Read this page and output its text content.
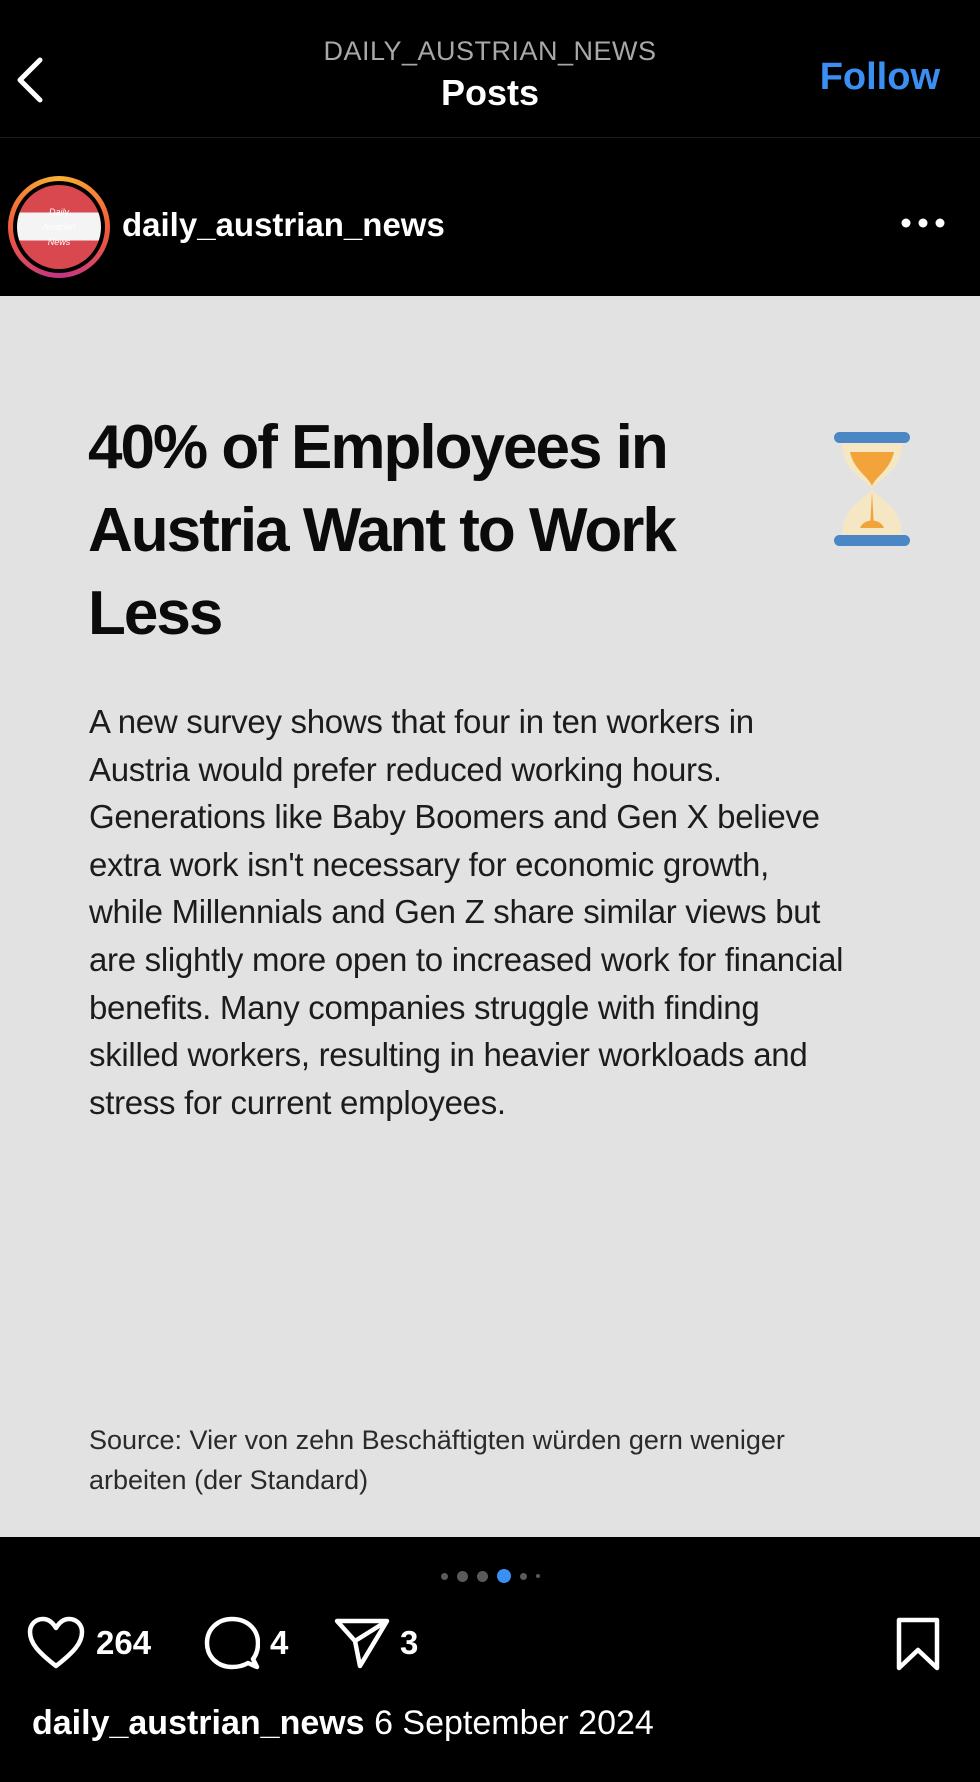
DAILY_AUSTRIAN_NEWS
Posts	Follow
Daily
Austrian
News	daily_austrian_news
40% of Employees in Austria Want to Work Less
A new survey shows that four in ten workers in Austria would prefer reduced working hours. Generations like Baby Boomers and Gen X believe extra work isn't necessary for economic growth, while Millennials and Gen Z share similar views but are slightly more open to increased work for financial benefits. Many companies struggle with finding skilled workers, resulting in heavier workloads and stress for current employees.
Source: Vier von zehn Beschäftigten würden gern weniger arbeiten (der Standard)
264	4	3
daily_austrian_news 6 September 2024
